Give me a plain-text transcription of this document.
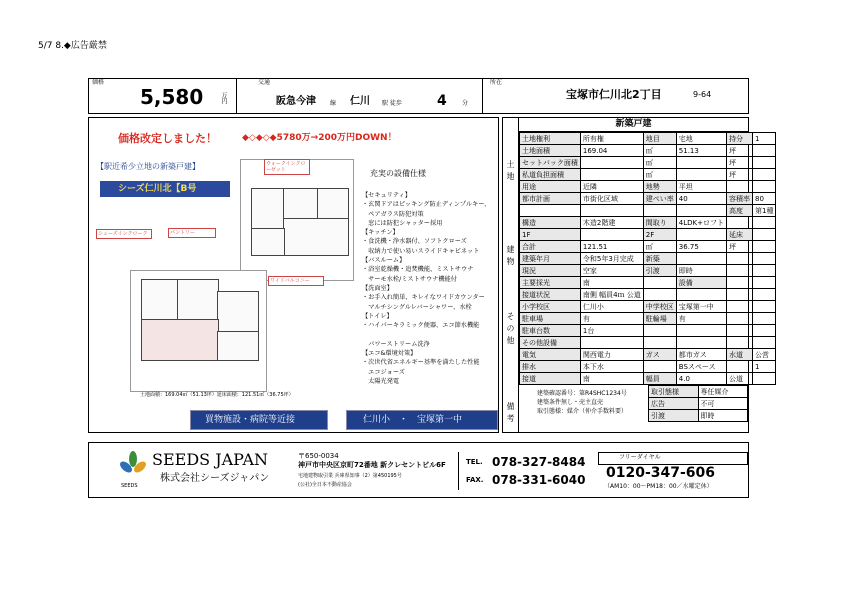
5/7 8.◆広告厳禁
価格
5,580	万円
交通
阪急今津 線 仁川 駅 徒歩	4	分
所在
宝塚市仁川北2丁目	9-64
価格改定しました！	◆◇◆◇◆5780万→200万円DOWN！
【駅近希少立地の新築戸建】
シーズ仁川北【B号
ウォークインクローゼット
シューズインクローク	パントリー
ワイドバルコニー
土地面積：169.04㎡（51.13坪）延床面積：121.51㎡（36.75坪）
充実の設備仕様
【セキュリティ】
・玄関ドアはピッキング防止ディンプルキー、
　ペアガラス防犯対策
　窓には防犯シャッター採用
【キッチン】
・食洗機・浄水器付、ソフトクローズ
　収納力で使い易いスライドキャビネット
【バスルーム】
・浴室乾燥機・追焚機能、ミストサウナ
　サーモ水栓/ミストサウナ機能付
【洗面室】
・お手入れ簡単、キレイなワイドカウンター
　マルチシングルレバーシャワー、水栓
【トイレ】
・ハイパーキラミック便器、エコ節水機能

　パワーストリーム洗浄
【エコ&環境対策】
・次世代省エネルギー基準を満たした性能
　エコジョーズ
　太陽光発電
買物施設・病院等近接	仁川小　・　宝塚第一中
土地
建物
その他
備考
新築戸建
土地権利	所有権	地目	宅地	持分	1
土地面積	169.04	㎡	51.13	坪	
セットバック面積		㎡		坪	
私道負担面積		㎡		坪	
用途	近隣	地勢	平坦		
都市計画	市街化区域	建ぺい率	40	容積率	80
				高度	第1種
構造	木造2階建	間取り	4LDK+ロフト		
1F		2F		延床	
合計	121.51	㎡	36.75	坪	
建築年月	令和5年3月完成	新築			
現況	空家	引渡	即時		
主要採光	南		設備		
接道状況	南側 幅員4ｍ 公道				
小学校区	仁川小	中学校区	宝塚第一中		
駐車場	有	駐輪場	有		
駐車台数	1台				
その他設備					
電気	関西電力	ガス	都市ガス	水道	公営
排水	本下水		BSスペース		1
接道	南	幅員	4.0	公道	
建築確認番号：第R4SHC1234号
建築条件無し・売主直売
取引態様：媒介（仲介手数料要）
取引態様	専任媒介
広告	不可
引渡	即時
SEEDS
SEEDS JAPAN
株式会社シーズジャパン
〒650-0034
神戸市中央区京町72番地 新クレセントビル6F
宅地建物取引業 兵庫県知事（2）第450195号
(公社)全日本不動産協会
TEL. 078-327-8484
FAX. 078-331-6040
フリーダイヤル
0120-347-606
（AM10：00〜PM18：00／水曜定休）
